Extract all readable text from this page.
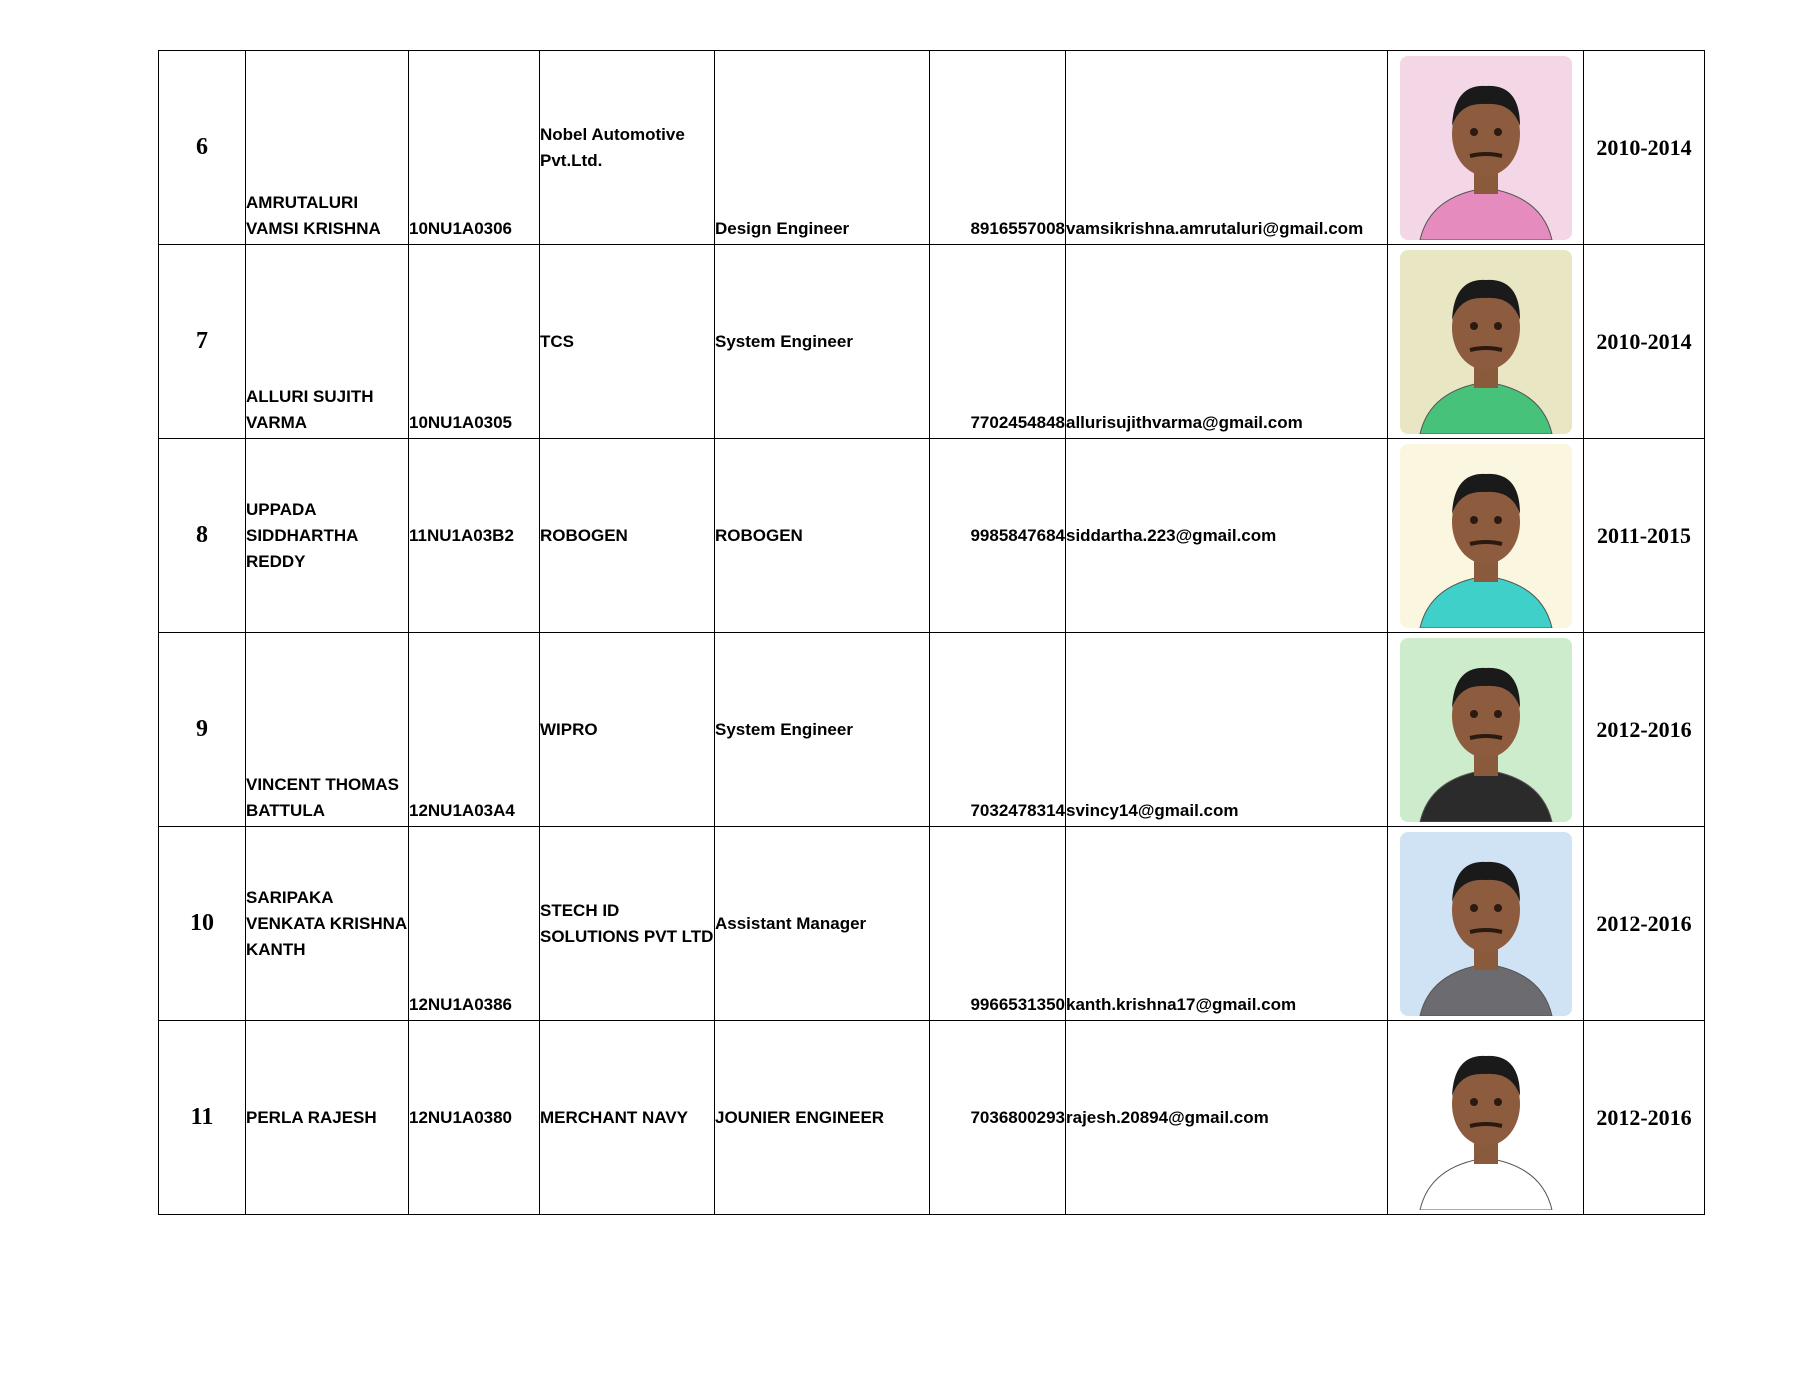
6	AMRUTALURI VAMSI KRISHNA	10NU1A0306	Nobel Automotive Pvt.Ltd.	Design Engineer	8916557008	vamsikrishna.amrutaluri@gmail.com		2010-2014
7	ALLURI SUJITH VARMA	10NU1A0305	TCS	System Engineer	7702454848	allurisujithvarma@gmail.com		2010-2014
8	UPPADA SIDDHARTHA REDDY	11NU1A03B2	ROBOGEN	ROBOGEN	9985847684	siddartha.223@gmail.com		2011-2015
9	VINCENT THOMAS BATTULA	12NU1A03A4	WIPRO	System Engineer	7032478314	svincy14@gmail.com		2012-2016
10	SARIPAKA VENKATA KRISHNA KANTH	12NU1A0386	STECH ID SOLUTIONS PVT LTD	Assistant Manager	9966531350	kanth.krishna17@gmail.com		2012-2016
11	PERLA RAJESH	12NU1A0380	MERCHANT NAVY	JOUNIER ENGINEER	7036800293	rajesh.20894@gmail.com		2012-2016
